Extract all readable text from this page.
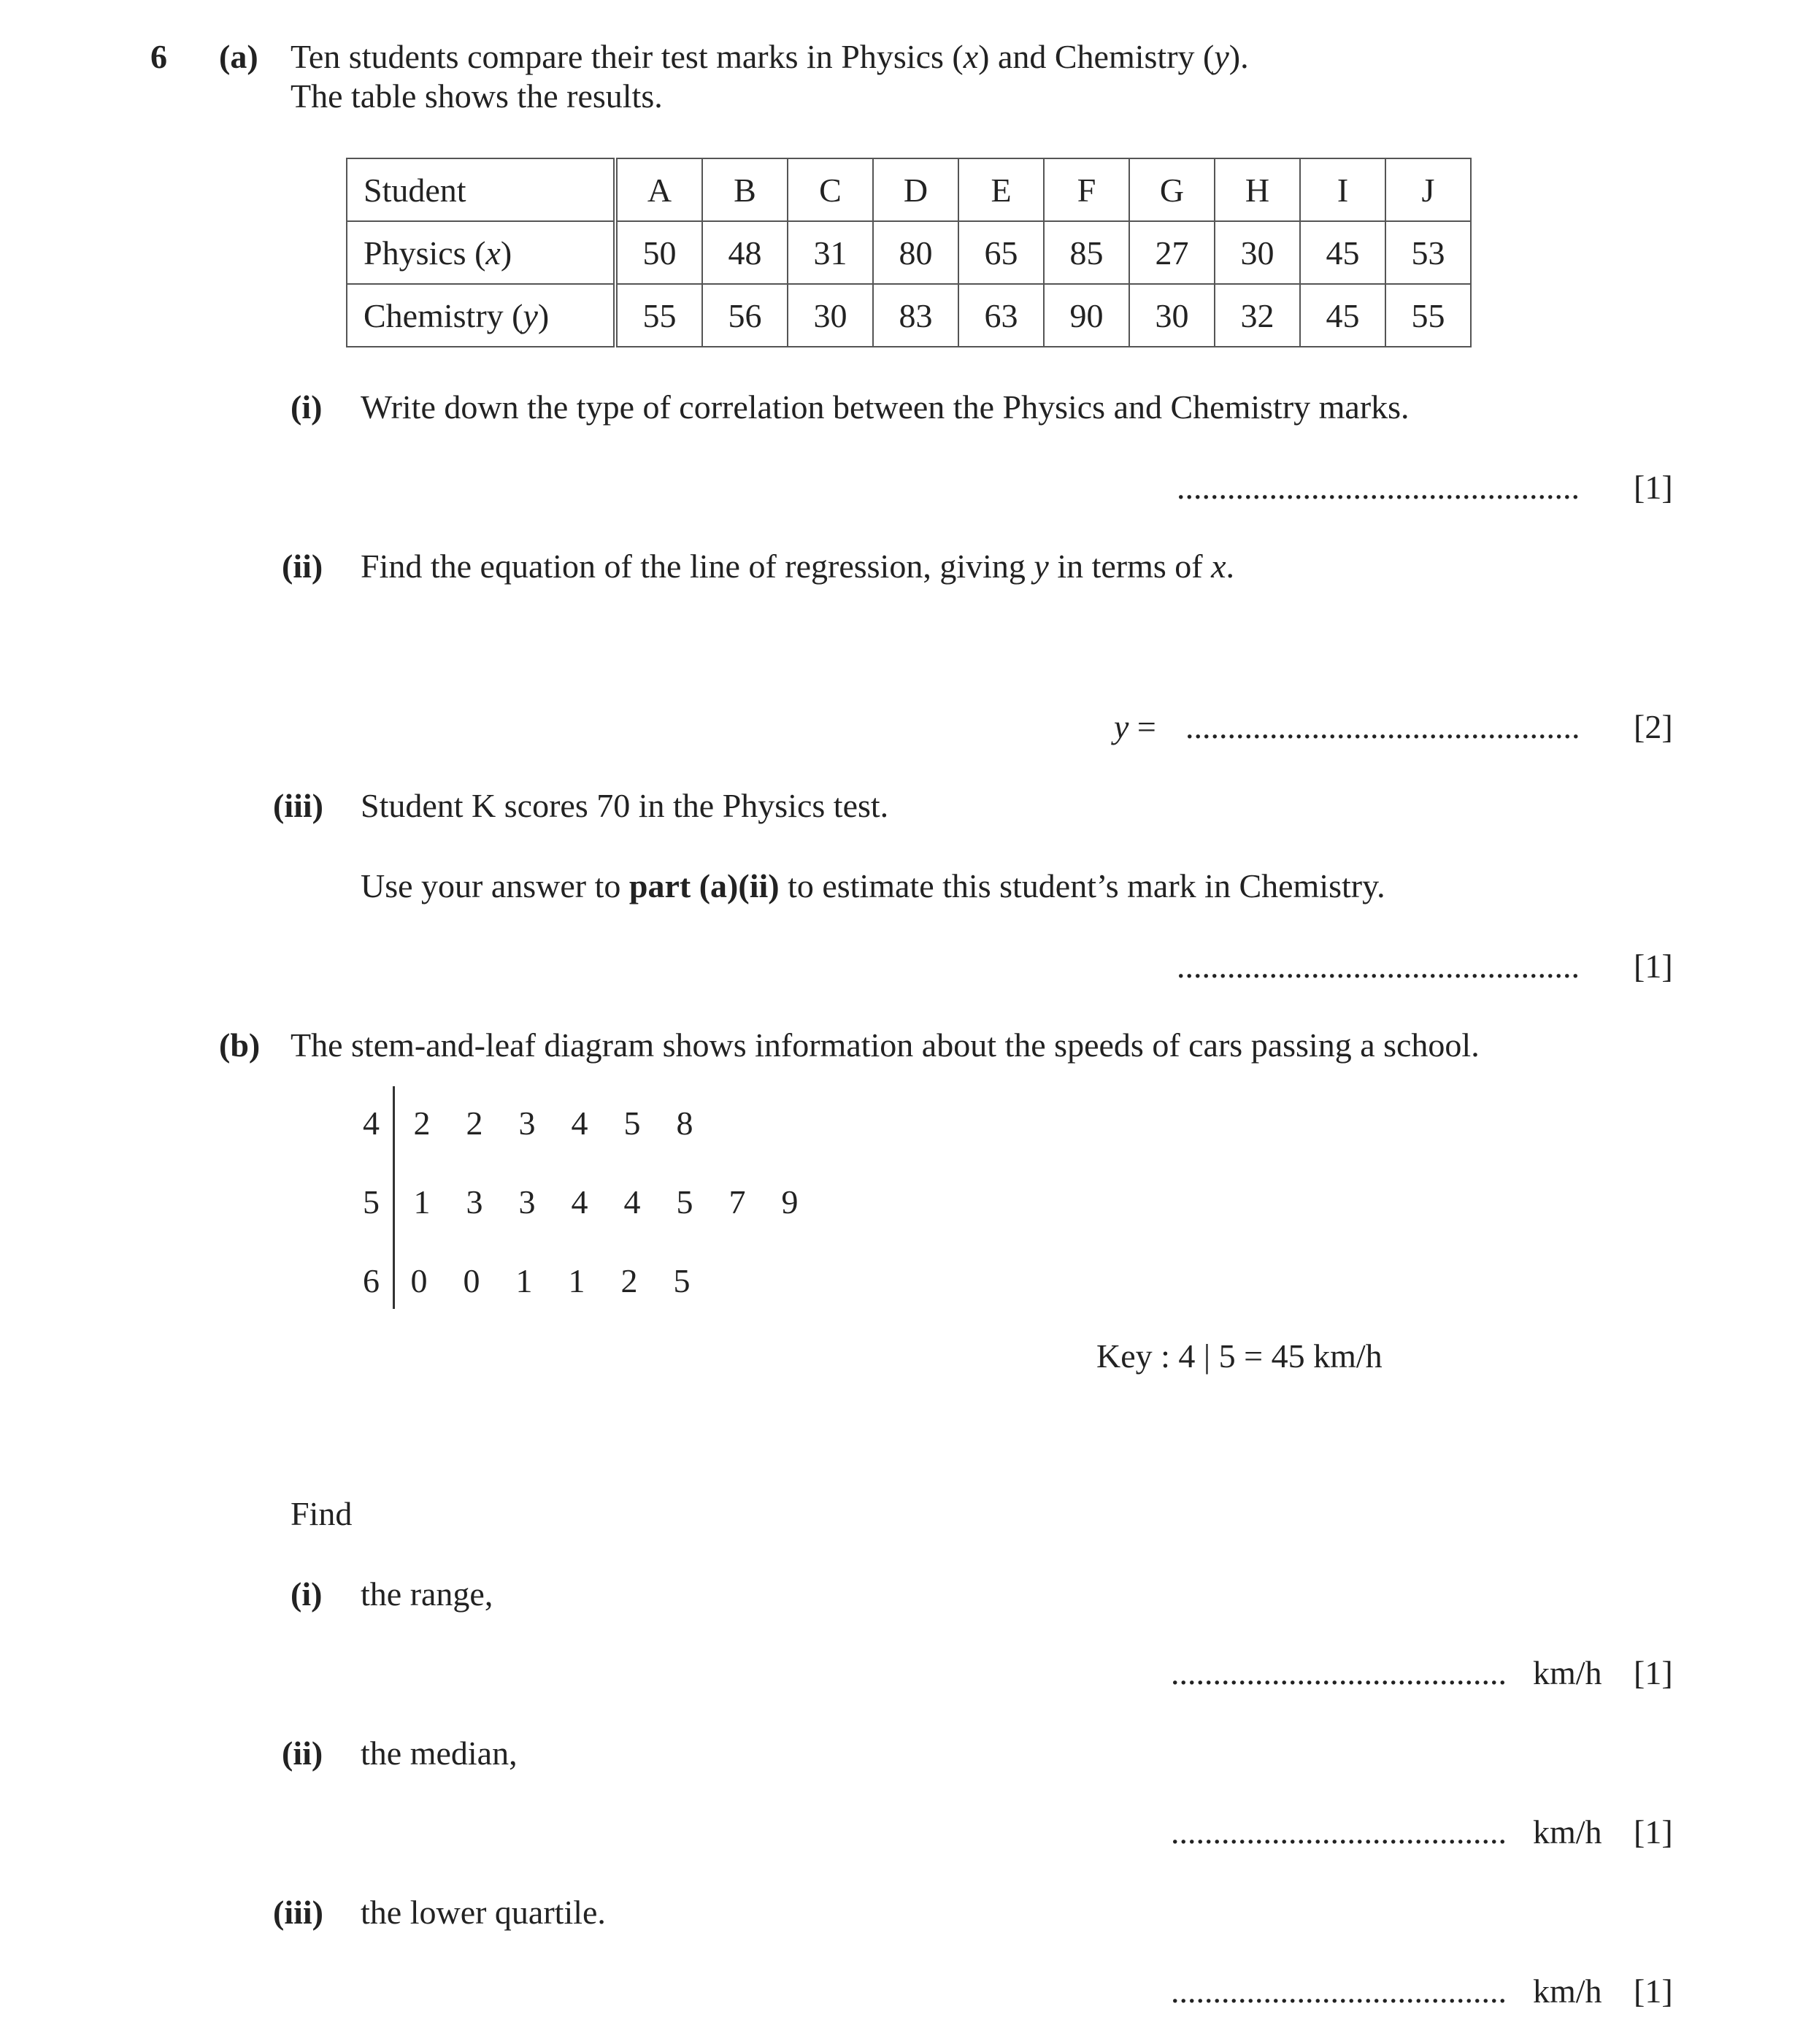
6 (a) Ten students compare their test marks in Physics (x) and Chemistry (y).
The table shows the results.
Student	A	B	C	D	E	F	G	H	I	J
Physics (x)	50	48	31	80	65	85	27	30	45	53
Chemistry (y)	55	56	30	83	63	90	30	32	45	55
(i) Write down the type of correlation between the Physics and Chemistry marks.
................................................ [1]
(ii) Find the equation of the line of regression, giving y in terms of x.
y = ............................................... [2]
(iii) Student K scores 70 in the Physics test.
Use your answer to part (a)(ii) to estimate this student’s mark in Chemistry.
................................................ [1]
(b) The stem-and-leaf diagram shows information about the speeds of cars passing a school.
4 2 2 3 4 5 8
5 1 3 3 4 4 5 7 9
6 0 0 1 1 2 5
Key : 4 | 5 = 45 km/h
Find
(i) the range,
........................................ km/h [1]
(ii) the median,
........................................ km/h [1]
(iii) the lower quartile.
........................................ km/h [1]
